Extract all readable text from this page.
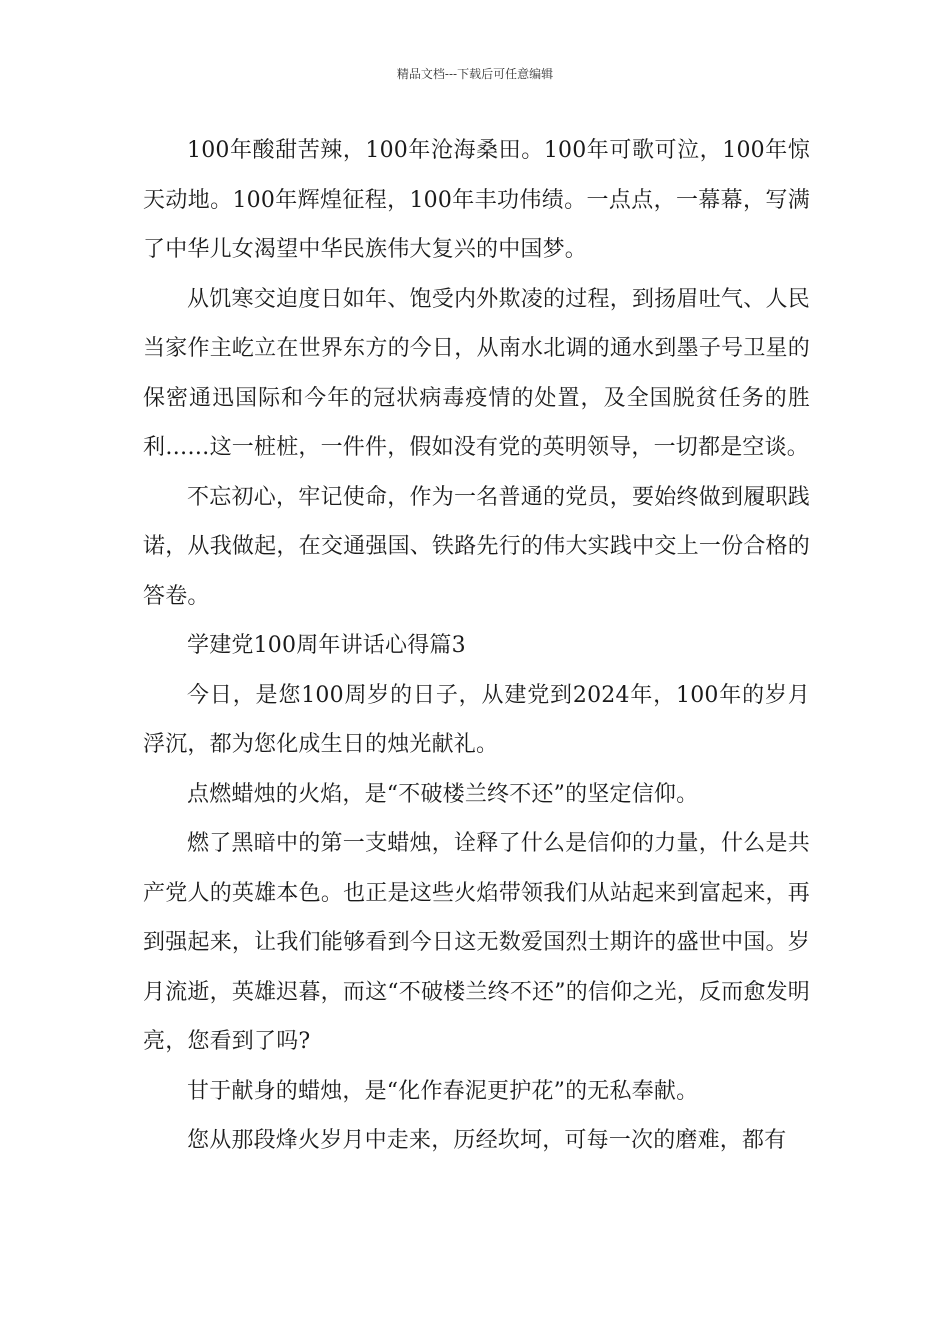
精品文档---下载后可任意编辑

100年酸甜苦辣，100年沧海桑田。100年可歌可泣，100年惊天动地。100年辉煌征程，100年丰功伟绩。一点点，一幕幕，写满了中华儿女渴望中华民族伟大复兴的中国梦。

从饥寒交迫度日如年、饱受内外欺凌的过程，到扬眉吐气、人民当家作主屹立在世界东方的今日，从南水北调的通水到墨子号卫星的保密通迅国际和今年的冠状病毒疫情的处置，及全国脱贫任务的胜利……这一桩桩，一件件，假如没有党的英明领导，一切都是空谈。

不忘初心，牢记使命，作为一名普通的党员，要始终做到履职践诺，从我做起，在交通强国、铁路先行的伟大实践中交上一份合格的答卷。

学建党100周年讲话心得篇3

今日，是您100周岁的日子，从建党到2024年，100年的岁月浮沉，都为您化成生日的烛光献礼。

点燃蜡烛的火焰，是“不破楼兰终不还”的坚定信仰。

燃了黑暗中的第一支蜡烛，诠释了什么是信仰的力量，什么是共产党人的英雄本色。也正是这些火焰带领我们从站起来到富起来，再到强起来，让我们能够看到今日这无数爱国烈士期许的盛世中国。岁月流逝，英雄迟暮，而这“不破楼兰终不还”的信仰之光，反而愈发明亮，您看到了吗?

甘于献身的蜡烛，是“化作春泥更护花”的无私奉献。

您从那段烽火岁月中走来，历经坎坷，可每一次的磨难，都有
